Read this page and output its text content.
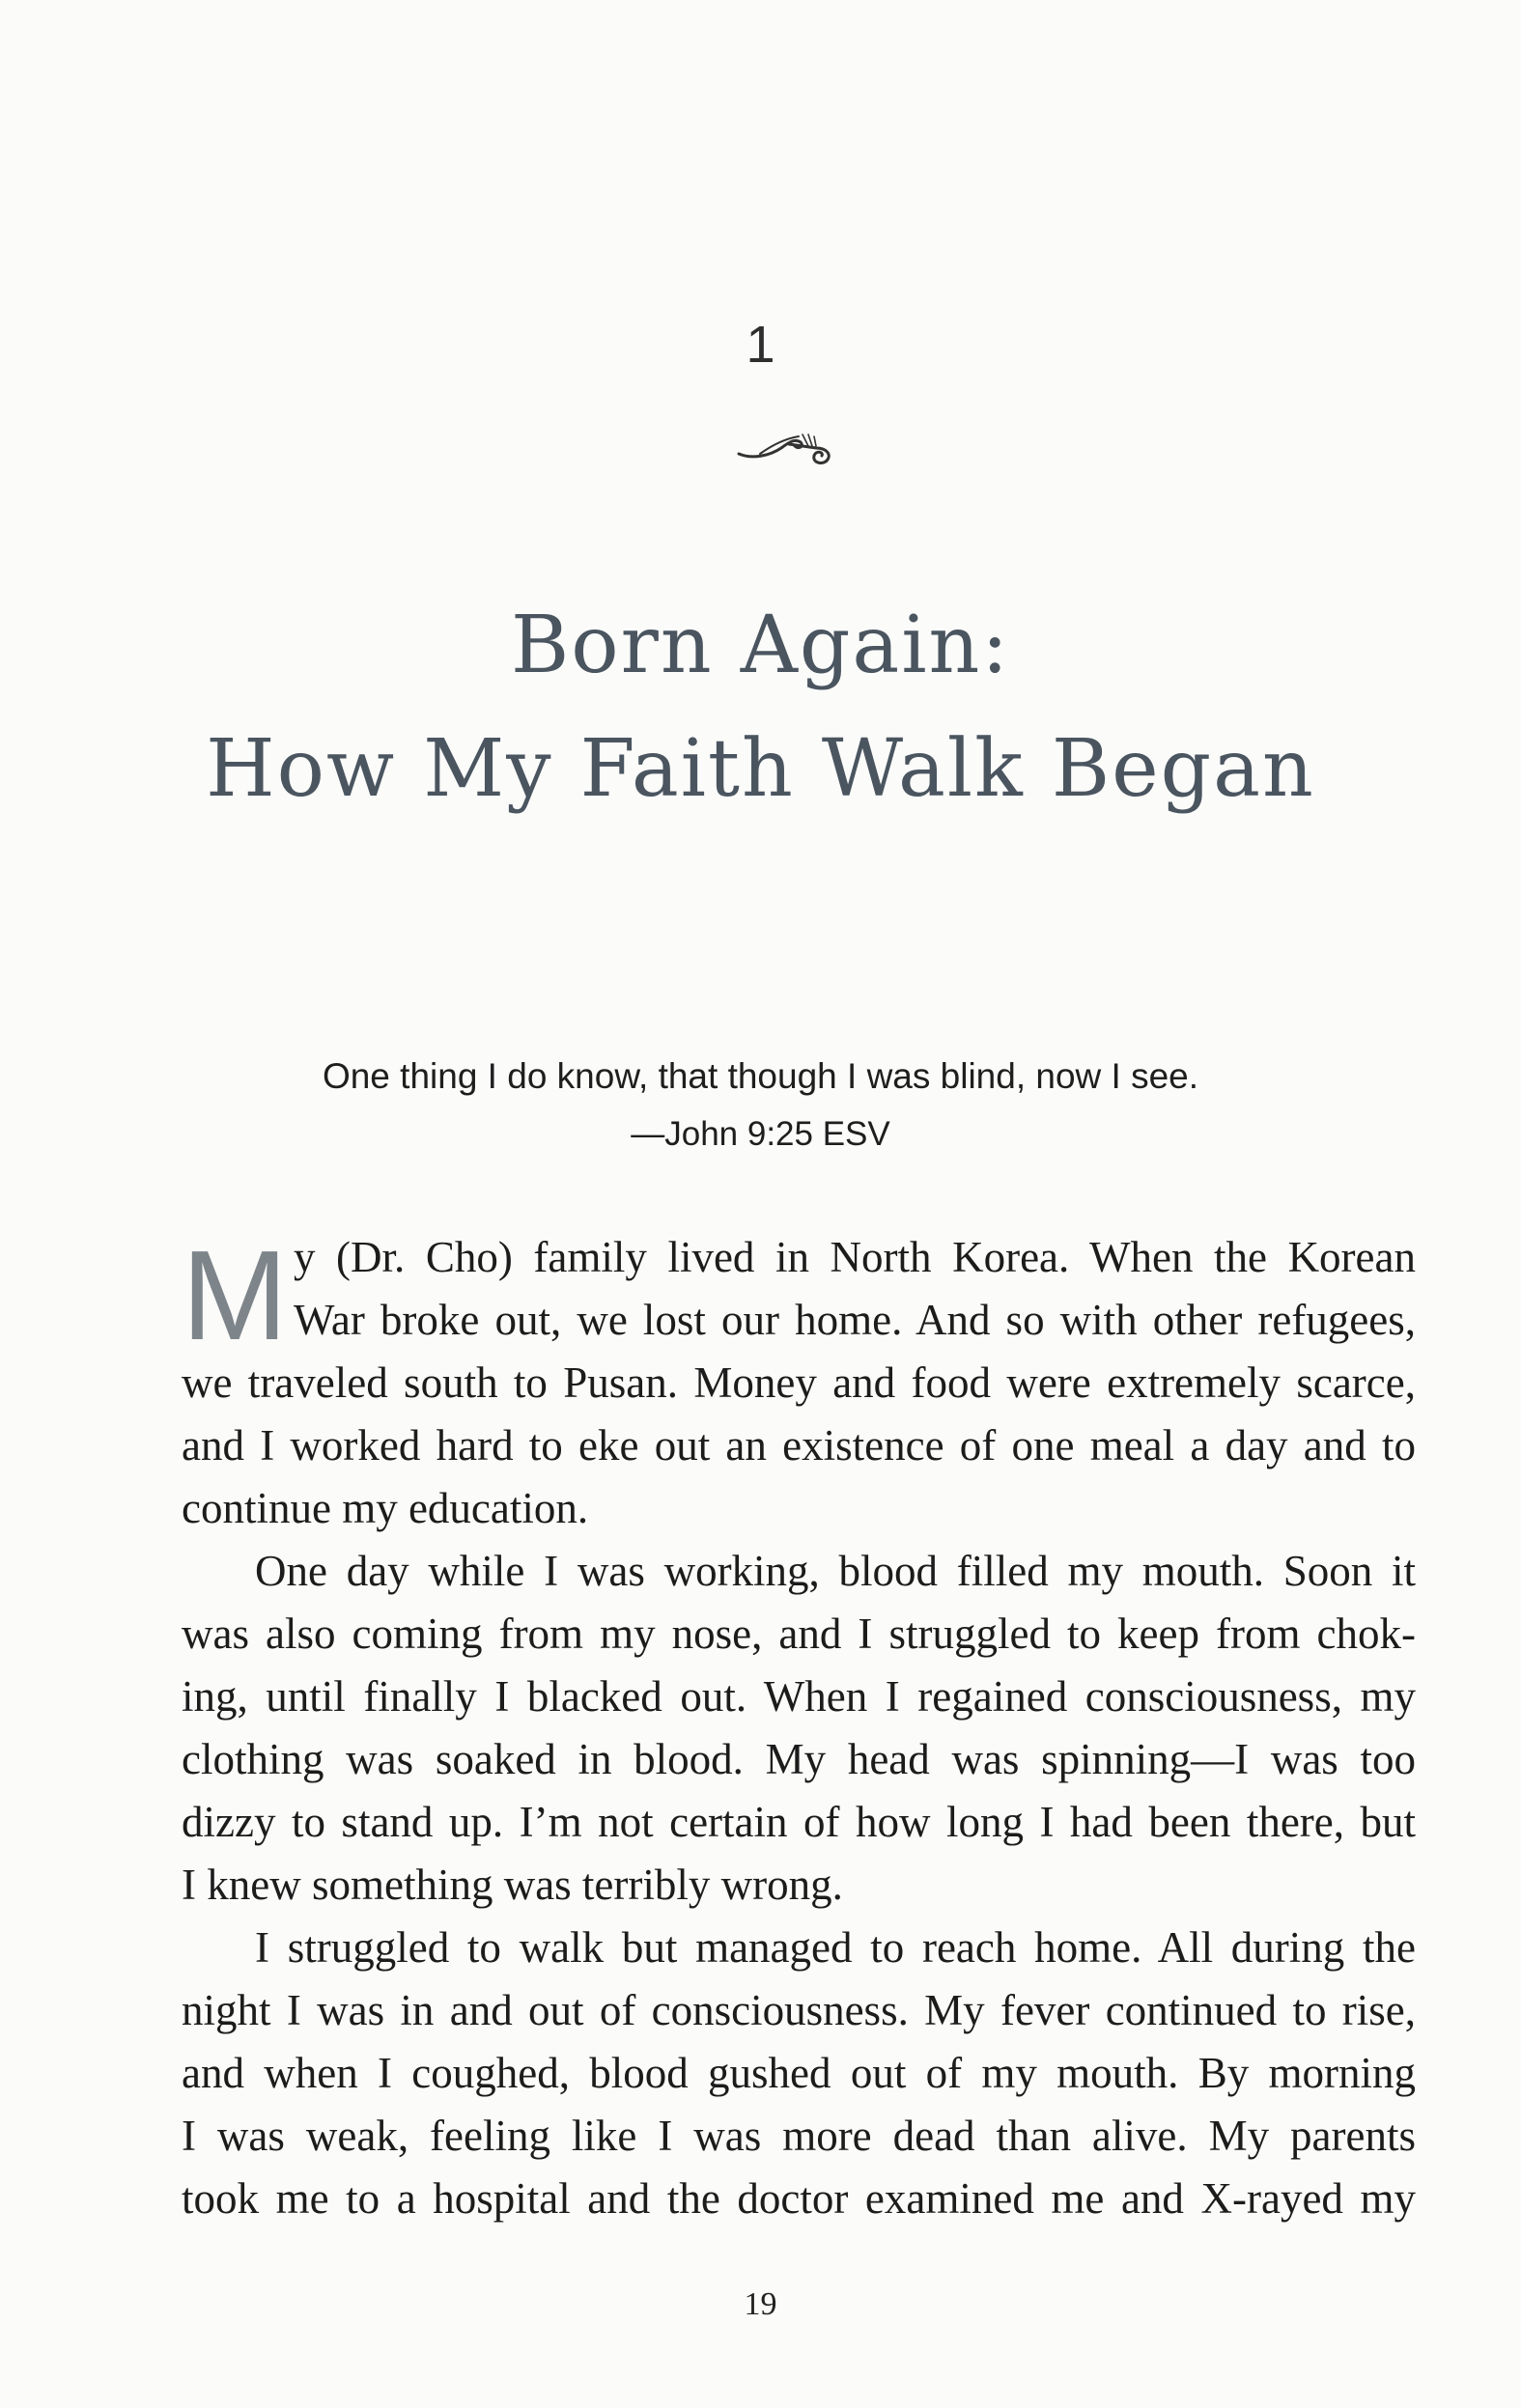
1
Born Again:
How My Faith Walk Began
One thing I do know, that though I was blind, now I see.
—John 9:25 ESV
M y (Dr. Cho) family lived in North Korea. When the Korean
War broke out, we lost our home. And so with other refugees,
we traveled south to Pusan. Money and food were extremely scarce,
and I worked hard to eke out an existence of one meal a day and to
continue my education.
One day while I was working, blood filled my mouth. Soon it
was also coming from my nose, and I struggled to keep from chok-
ing, until finally I blacked out. When I regained consciousness, my
clothing was soaked in blood. My head was spinning—I was too
dizzy to stand up. I’m not certain of how long I had been there, but
I knew something was terribly wrong.
I struggled to walk but managed to reach home. All during the
night I was in and out of consciousness. My fever continued to rise,
and when I coughed, blood gushed out of my mouth. By morning
I was weak, feeling like I was more dead than alive. My parents
took me to a hospital and the doctor examined me and X-rayed my
19
